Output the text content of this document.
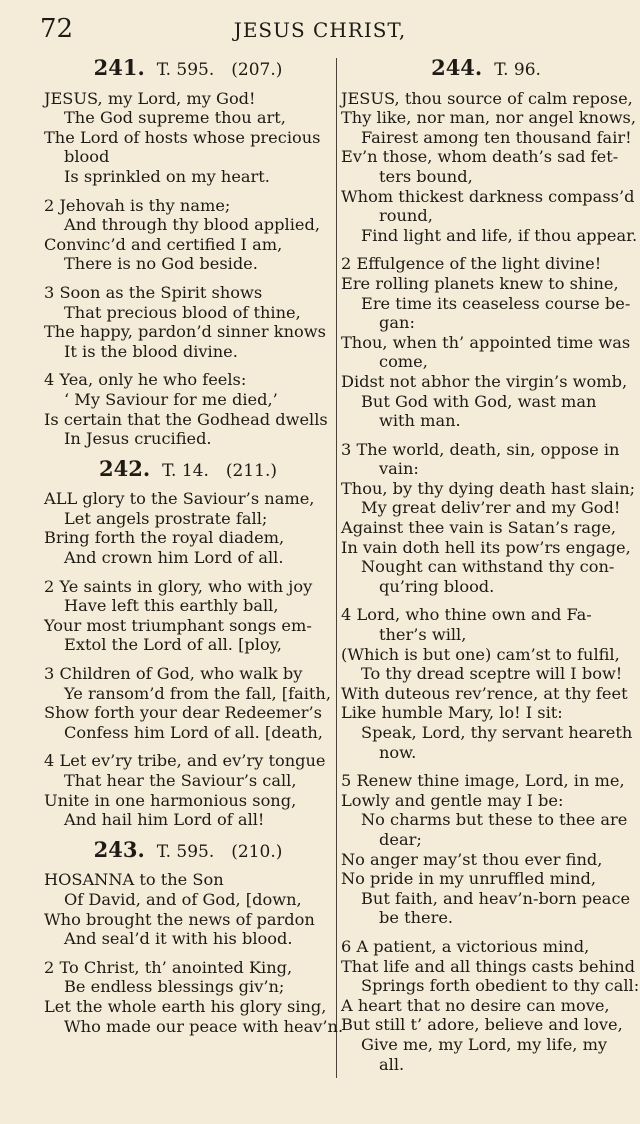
72	JESUS CHRIST,
241. T. 595.  (207.)
JESUS, my Lord, my God!
The God supreme thou art,
The Lord of hosts whose precious
blood
Is sprinkled on my heart.
2 Jehovah is thy name;
And through thy blood applied,
Convinc’d and certified I am,
There is no God beside.
3 Soon as the Spirit shows
That precious blood of thine,
The happy, pardon’d sinner knows
It is the blood divine.
4 Yea, only he who feels:
‘ My Saviour for me died,’
Is certain that the Godhead dwells
In Jesus crucified.
242. T. 14.  (211.)
ALL glory to the Saviour’s name,
Let angels prostrate fall;
Bring forth the royal diadem,
And crown him Lord of all.
2 Ye saints in glory, who with joy
Have left this earthly ball,
Your most triumphant songs em-
Extol the Lord of all. [ploy,
3 Children of God, who walk by
Ye ransom’d from the fall, [faith,
Show forth your dear Redeemer’s
Confess him Lord of all. [death,
4 Let ev’ry tribe, and ev’ry tongue
That hear the Saviour’s call,
Unite in one harmonious song,
And hail him Lord of all!
243. T. 595.  (210.)
HOSANNA to the Son
Of David, and of God, [down,
Who brought the news of pardon
And seal’d it with his blood.
2 To Christ, th’ anointed King,
Be endless blessings giv’n;
Let the whole earth his glory sing,
Who made our peace with heav’n.
244. T. 96.
JESUS, thou source of calm repose,
Thy like, nor man, nor angel knows,
Fairest among ten thousand fair!
Ev’n those, whom death’s sad fet-
ters bound,
Whom thickest darkness compass’d
round,
Find light and life, if thou appear.
2 Effulgence of the light divine!
Ere rolling planets knew to shine,
Ere time its ceaseless course be-
gan:
Thou, when th’ appointed time was
come,
Didst not abhor the virgin’s womb,
But God with God, wast man
with man.
3 The world, death, sin, oppose in
vain:
Thou, by thy dying death hast slain;
My great deliv’rer and my God!
Against thee vain is Satan’s rage,
In vain doth hell its pow’rs engage,
Nought can withstand thy con-
qu’ring blood.
4 Lord, who thine own and Fa-
ther’s will,
(Which is but one) cam’st to fulfil,
To thy dread sceptre will I bow!
With duteous rev’rence, at thy feet
Like humble Mary, lo! I sit:
Speak, Lord, thy servant heareth
now.
5 Renew thine image, Lord, in me,
Lowly and gentle may I be:
No charms but these to thee are
dear;
No anger may’st thou ever find,
No pride in my unruffled mind,
But faith, and heav’n-born peace
be there.
6 A patient, a victorious mind,
That life and all things casts behind
Springs forth obedient to thy call:
A heart that no desire can move,
But still t’ adore, believe and love,
Give me, my Lord, my life, my
all.
